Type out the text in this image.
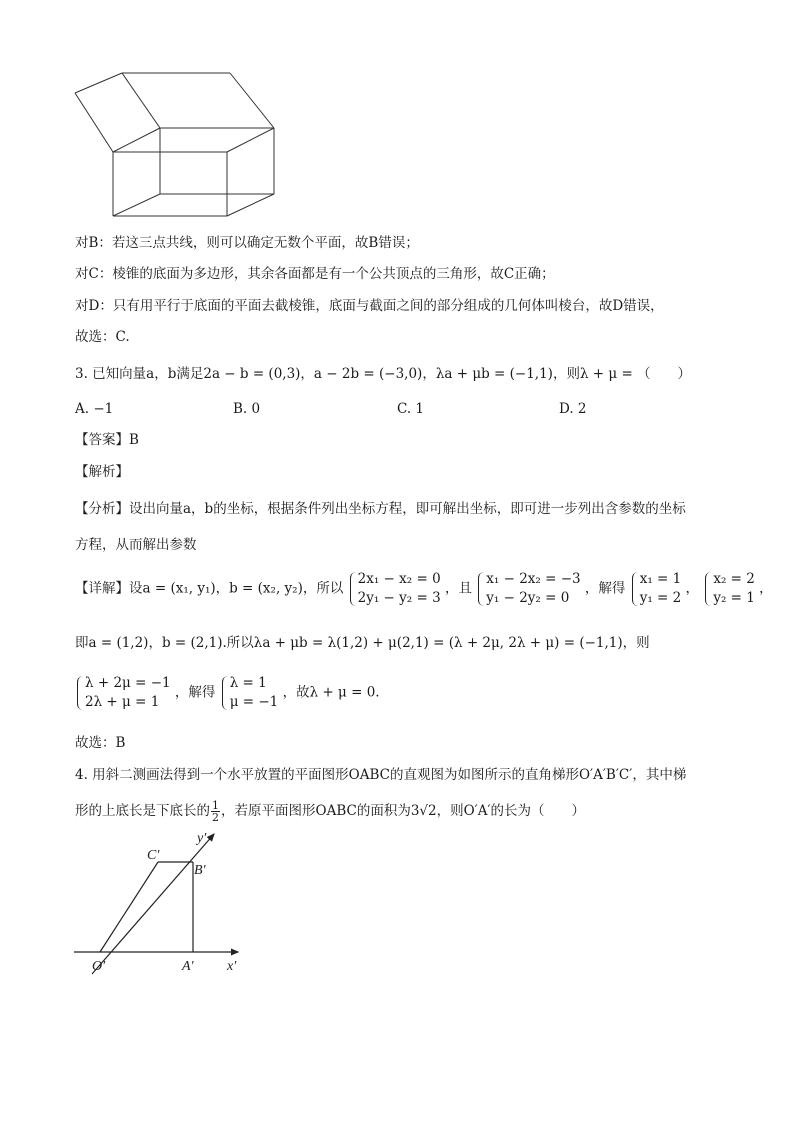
对B：若这三点共线，则可以确定无数个平面，故B错误；
对C：棱锥的底面为多边形，其余各面都是有一个公共顶点的三角形，故C正确；
对D：只有用平行于底面的平面去截棱锥，底面与截面之间的部分组成的几何体叫棱台，故D错误，
故选：C.
3. 已知向量a，b满足2a − b = (0,3)，a − 2b = (−3,0)，λa + μb = (−1,1)，则λ + μ = （　　）
A. −1	B. 0	C. 1	D. 2
【答案】B
【解析】
【分析】设出向量a，b的坐标，根据条件列出坐标方程，即可解出坐标，即可进一步列出含参数的坐标
方程，从而解出参数
【详解】设a = (x₁, y₁)，b = (x₂, y₂)，所以
2x₁ − x₂ = 0
2y₁ − y₂ = 3
，且
x₁ − 2x₂ = −3
y₁ − 2y₂ = 0
，解得
x₁ = 1
y₁ = 2
，
x₂ = 2
y₂ = 1
，
即a = (1,2)，b = (2,1).所以λa + μb = λ(1,2) + μ(2,1) = (λ + 2μ, 2λ + μ) = (−1,1)，则
λ + 2μ = −1
2λ + μ = 1
，解得
λ = 1
μ = −1
，故λ + μ = 0.
故选：B
4. 用斜二测画法得到一个水平放置的平面图形OABC的直观图为如图所示的直角梯形O′A′B′C′，其中梯
形的上底长是下底长的 $\frac{1}{2}$ ，若原平面图形OABC的面积为3√2，则O′A′的长为（　　）
C′
B′
O′	A′ x′
y′
